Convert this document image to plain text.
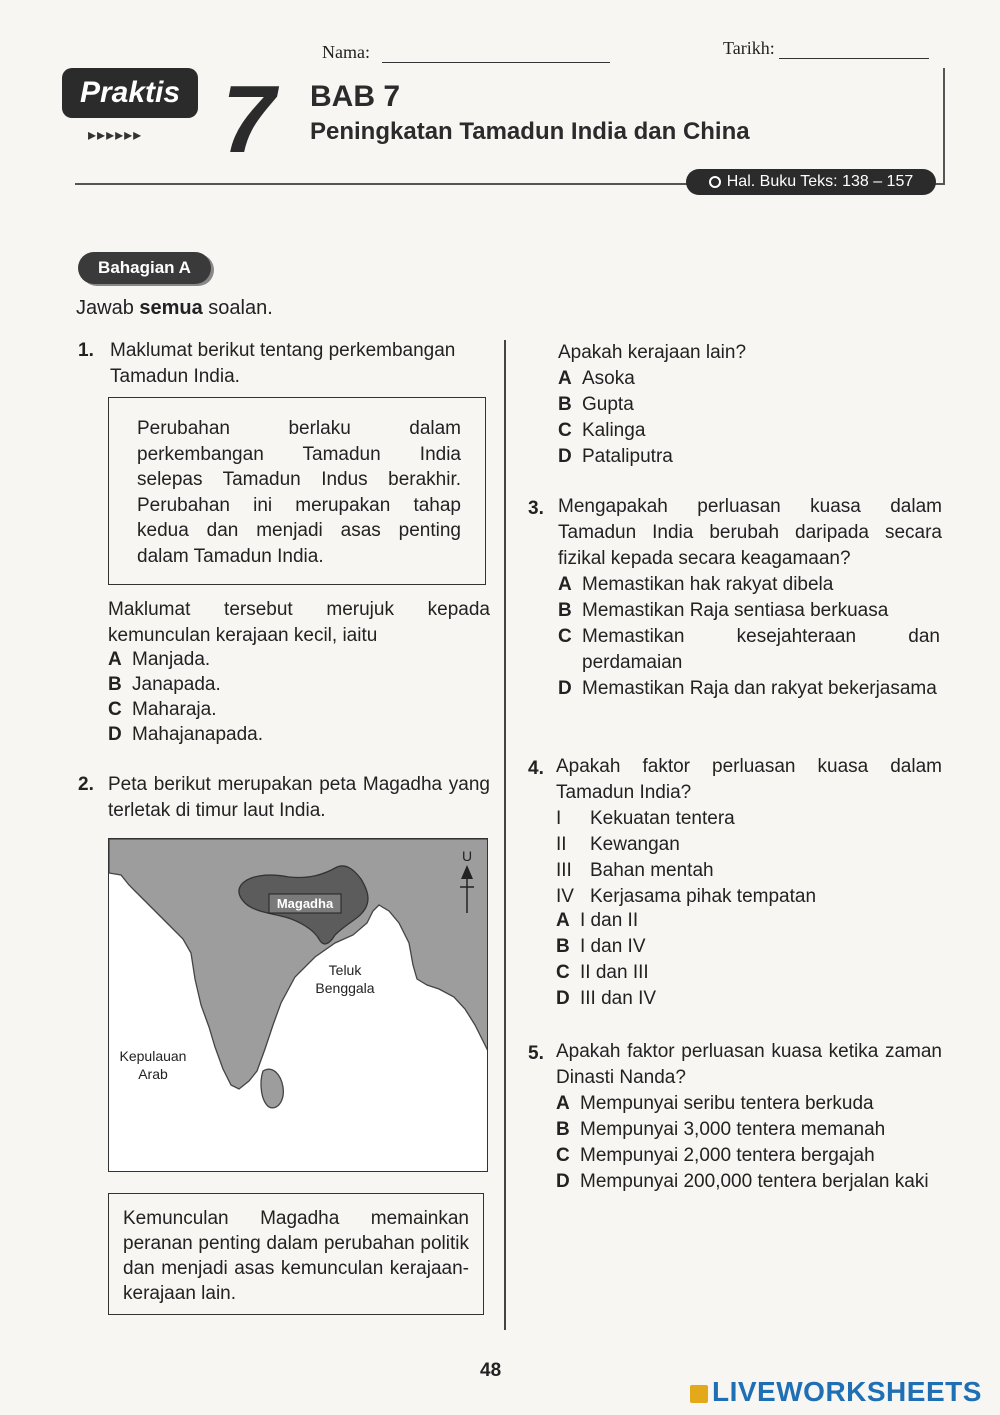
Nama:	Tarikh:
Praktis
▸▸▸▸▸▸ 7 BAB 7
Peningkatan Tamadun India dan China
Hal. Buku Teks: 138 – 157
Bahagian A
Jawab semua soalan.
1. Maklumat berikut tentang perkembangan Tamadun India.
Perubahan berlaku dalam perkembangan Tamadun India selepas Tamadun Indus berakhir. Perubahan ini merupakan tahap kedua dan menjadi asas penting dalam Tamadun India.
Maklumat tersebut merujuk kepada kemunculan kerajaan kecil, iaitu
A Manjada.
B Janapada.
C Maharaja.
D Mahajanapada.
2. Peta berikut merupakan peta Magadha yang terletak di timur laut India.
Magadha
Teluk
Benggala
Kepulauan
Arab
U
Kemunculan Magadha memainkan peranan penting dalam perubahan politik dan menjadi asas kemunculan kerajaan-kerajaan lain.
Apakah kerajaan lain?
A Asoka
B Gupta
C Kalinga
D Pataliputra
3. Mengapakah perluasan kuasa dalam Tamadun India berubah daripada secara fizikal kepada secara keagamaan?
A Memastikan hak rakyat dibela
B Memastikan Raja sentiasa berkuasa
C Memastikan kesejahteraan dan perdamaian
D Memastikan Raja dan rakyat bekerjasama
4. Apakah faktor perluasan kuasa dalam Tamadun India?
I Kekuatan tentera
II Kewangan
III Bahan mentah
IV Kerjasama pihak tempatan
A I dan II
B I dan IV
C II dan III
D III dan IV
5. Apakah faktor perluasan kuasa ketika zaman Dinasti Nanda?
A Mempunyai seribu tentera berkuda
B Mempunyai 3,000 tentera memanah
C Mempunyai 2,000 tentera bergajah
D Mempunyai 200,000 tentera berjalan kaki
48
LIVEWORKSHEETS
